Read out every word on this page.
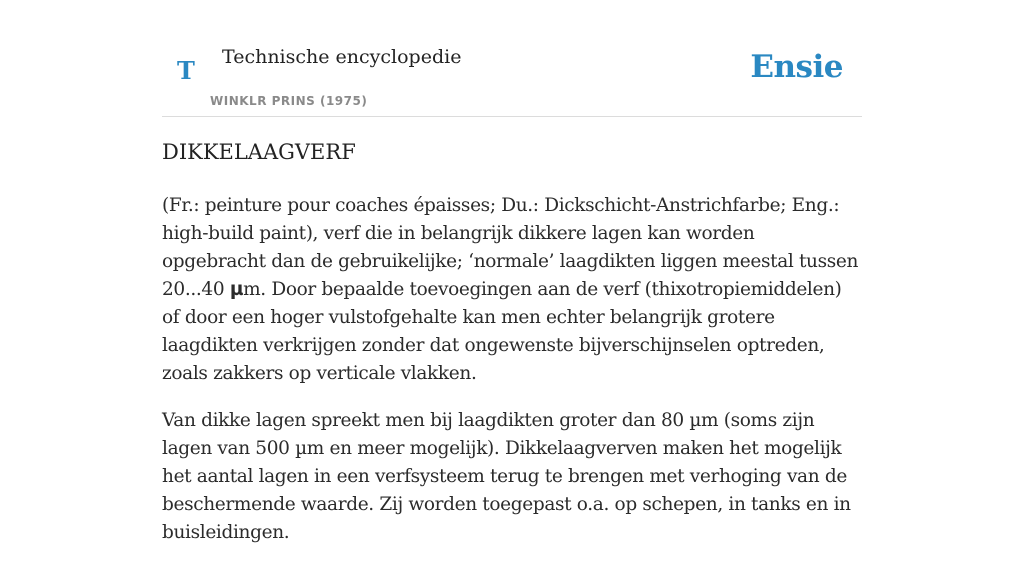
T Technische encyclopedie
WINKLR PRINS (1975)
Ensie
DIKKELAAGVERF

(Fr.: peinture pour coaches épaisses; Du.: Dickschicht-Anstrichfarbe; Eng.: high-build paint), verf die in belangrijk dikkere lagen kan worden opgebracht dan de gebruikelijke; ‘normale’ laagdikten liggen meestal tussen 20...40 µm. Door bepaalde toevoegingen aan de verf (thixotropiemiddelen) of door een hoger vulstofgehalte kan men echter belangrijk grotere laagdikten verkrijgen zonder dat ongewenste bijverschijnselen optreden, zoals zakkers op verticale vlakken.

Van dikke lagen spreekt men bij laagdikten groter dan 80 µm (soms zijn lagen van 500 µm en meer mogelijk). Dikkelaagverven maken het mogelijk het aantal lagen in een verfsysteem terug te brengen met verhoging van de beschermende waarde. Zij worden toegepast o.a. op schepen, in tanks en in buisleidingen.
